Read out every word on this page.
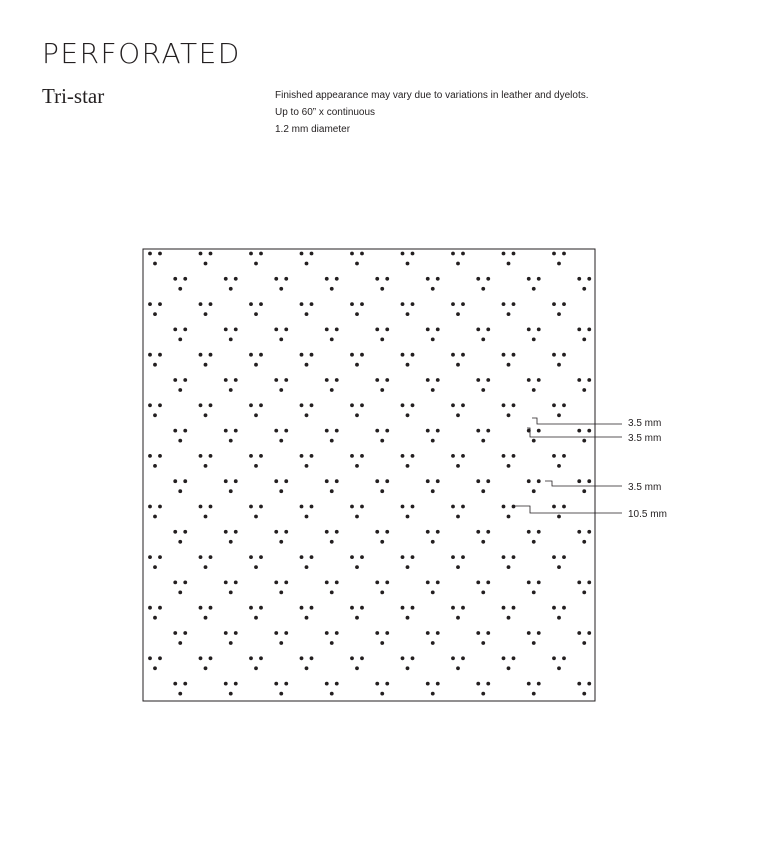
PERFORATED
Tri-star	Finished appearance may vary due to variations in leather and dyelots.
Up to 60” x continuous
1.2 mm diameter
3.5 mm
3.5 mm
3.5 mm
10.5 mm
